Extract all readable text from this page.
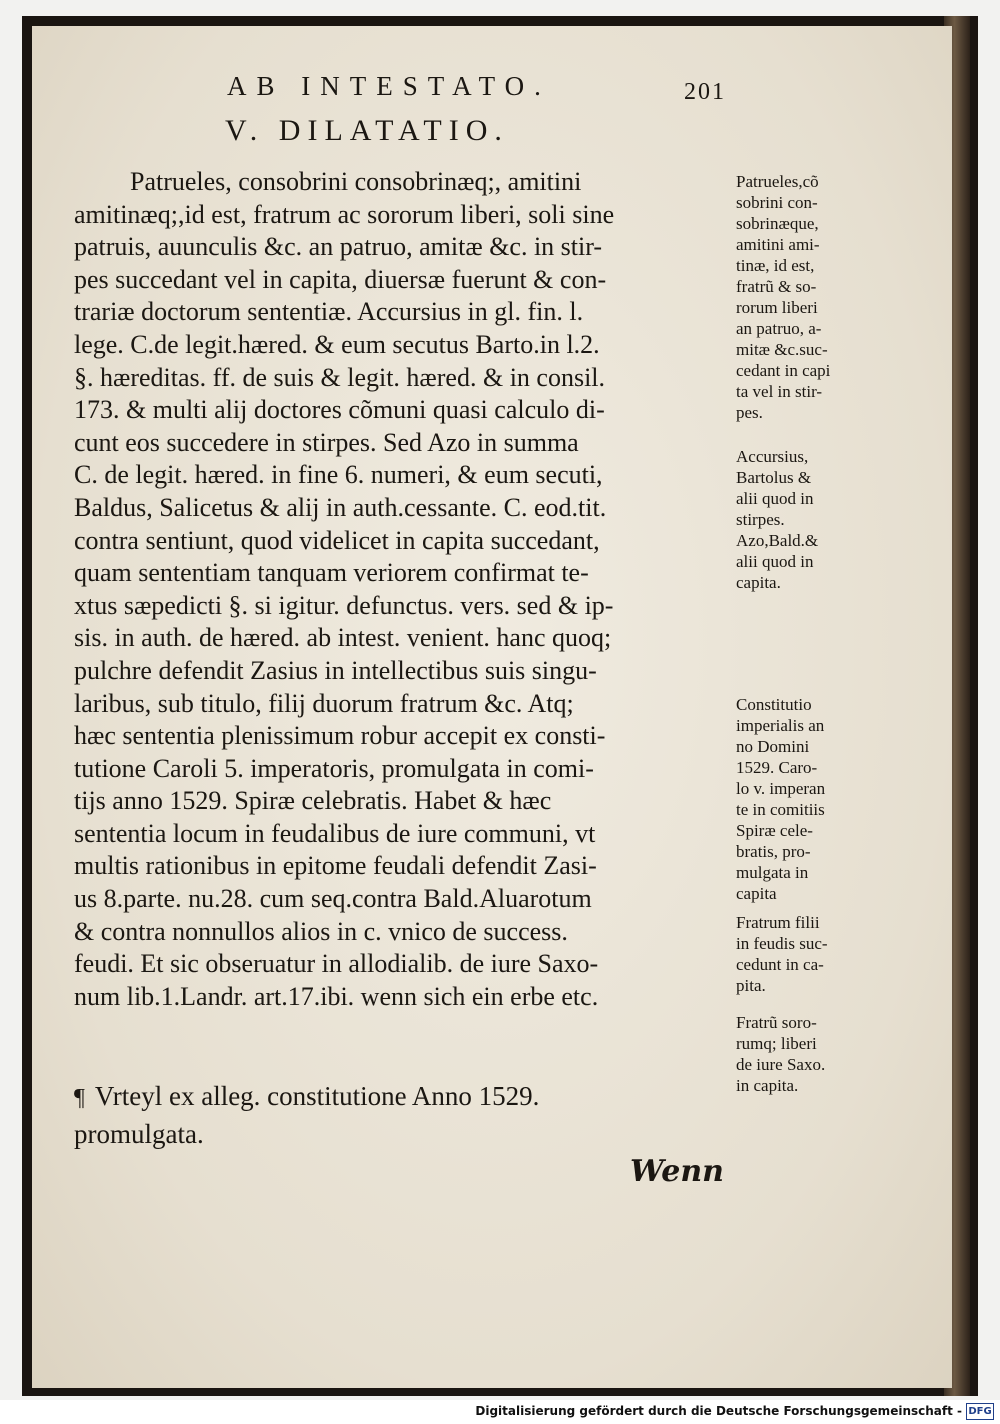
AB INTESTATO.	201
V. DILATATIO.
Patrueles, consobrini consobrinæq;, amitini
amitinæq;,id est, fratrum ac sororum liberi, soli sine
patruis, auunculis &c. an patruo, amitæ &c. in stir-
pes succedant vel in capita, diuersæ fuerunt & con-
trariæ doctorum sententiæ. Accursius in gl. fin. l.
lege. C.de legit.hæred. & eum secutus Barto.in l.2.
§. hæreditas. ff. de suis & legit. hæred. & in consil.
173. & multi alij doctores cõmuni quasi calculo di-
cunt eos succedere in stirpes. Sed Azo in summa
C. de legit. hæred. in fine 6. numeri, & eum secuti,
Baldus, Salicetus & alij in auth.cessante. C. eod.tit.
contra sentiunt, quod videlicet in capita succedant,
quam sententiam tanquam veriorem confirmat te-
xtus sæpedicti §. si igitur. defunctus. vers. sed & ip-
sis. in auth. de hæred. ab intest. venient. hanc quoq;
pulchre defendit Zasius in intellectibus suis singu-
laribus, sub titulo, filij duorum fratrum &c. Atq;
hæc sententia plenissimum robur accepit ex consti-
tutione Caroli 5. imperatoris, promulgata in comi-
tijs anno 1529. Spiræ celebratis. Habet & hæc
sententia locum in feudalibus de iure communi, vt
multis rationibus in epitome feudali defendit Zasi-
us 8.parte. nu.28. cum seq.contra Bald.Aluarotum
& contra nonnullos alios in c. vnico de success.
feudi. Et sic obseruatur in allodialib. de iure Saxo-
num lib.1.Landr. art.17.ibi. wenn sich ein erbe etc.
Patrueles,cõ
sobrini con-
sobrinæque,
amitini ami-
tinæ, id est,
fratrũ & so-
rorum liberi
an patruo, a-
mitæ &c.suc-
cedant in capi
ta vel in stir-
pes.
Accursius,
Bartolus &
alii quod in
stirpes.
Azo,Bald.&
alii quod in
capita.
Constitutio
imperialis an
no Domini
1529. Caro-
lo v. imperan
te in comitiis
Spiræ cele-
bratis, pro-
mulgata in
capita
Fratrum filii
in feudis suc-
cedunt in ca-
pita.
Fratrũ soro-
rumq; liberi
de iure Saxo.
in capita.
¶ Vrteyl ex alleg. constitutione Anno 1529.
promulgata.
Wenn
Digitalisierung gefördert durch die Deutsche Forschungsgemeinschaft - DFG
